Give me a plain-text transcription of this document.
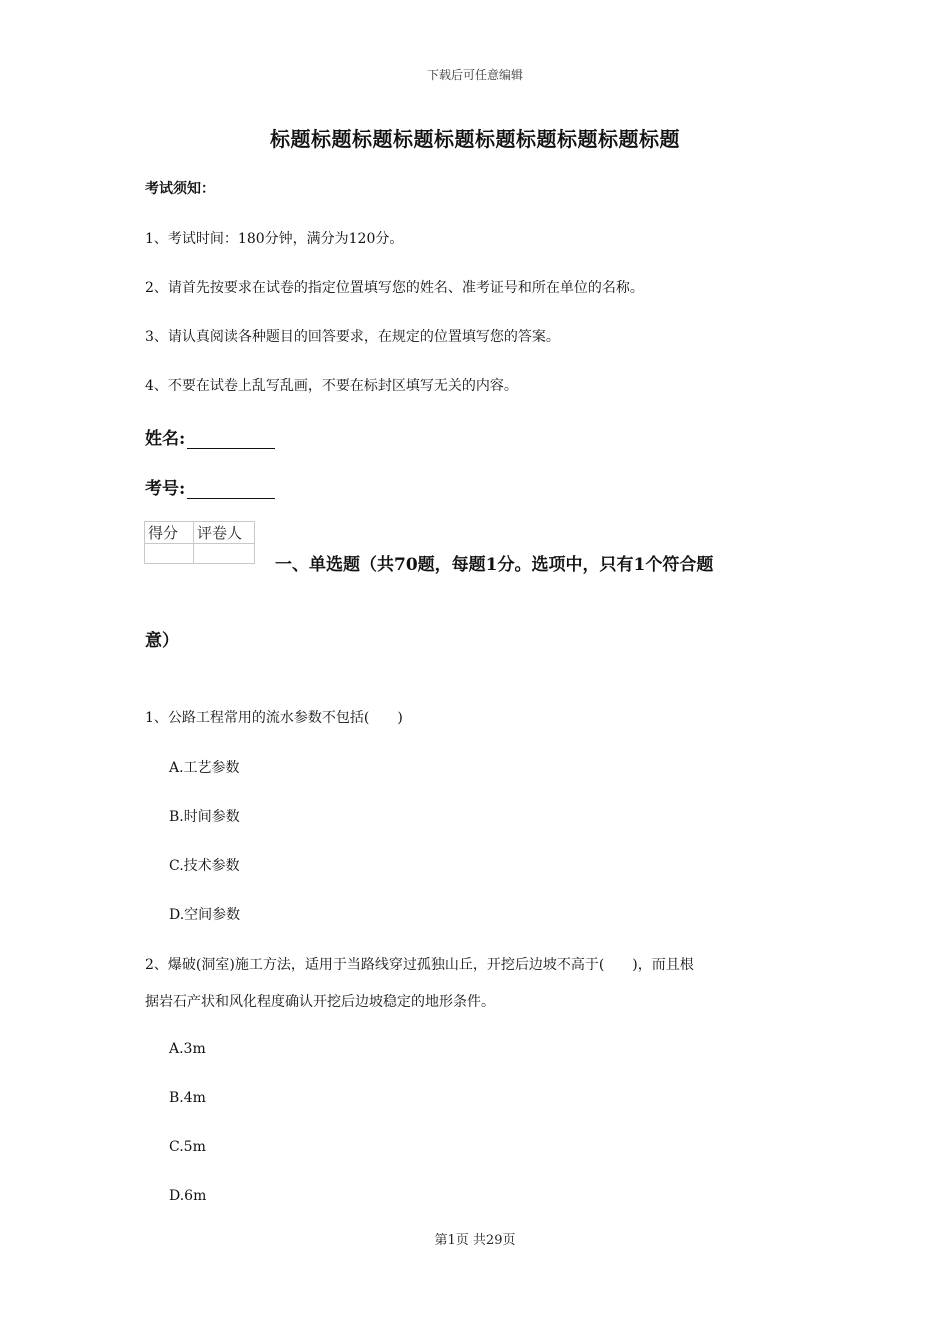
下载后可任意编辑
标题标题标题标题标题标题标题标题标题标题
考试须知：
1、考试时间：180分钟，满分为120分。
2、请首先按要求在试卷的指定位置填写您的姓名、准考证号和所在单位的名称。
3、请认真阅读各种题目的回答要求，在规定的位置填写您的答案。
4、不要在试卷上乱写乱画，不要在标封区填写无关的内容。
姓名:
考号:
得分	评卷人

一、单选题（共70题，每题1分。选项中，只有1个符合题
意）
1、公路工程常用的流水参数不包括(　　)
A.工艺参数
B.时间参数
C.技术参数
D.空间参数
2、爆破(洞室)施工方法，适用于当路线穿过孤独山丘，开挖后边坡不高于(　　)，而且根
据岩石产状和风化程度确认开挖后边坡稳定的地形条件。
A.3m
B.4m
C.5m
D.6m
第1页 共29页
